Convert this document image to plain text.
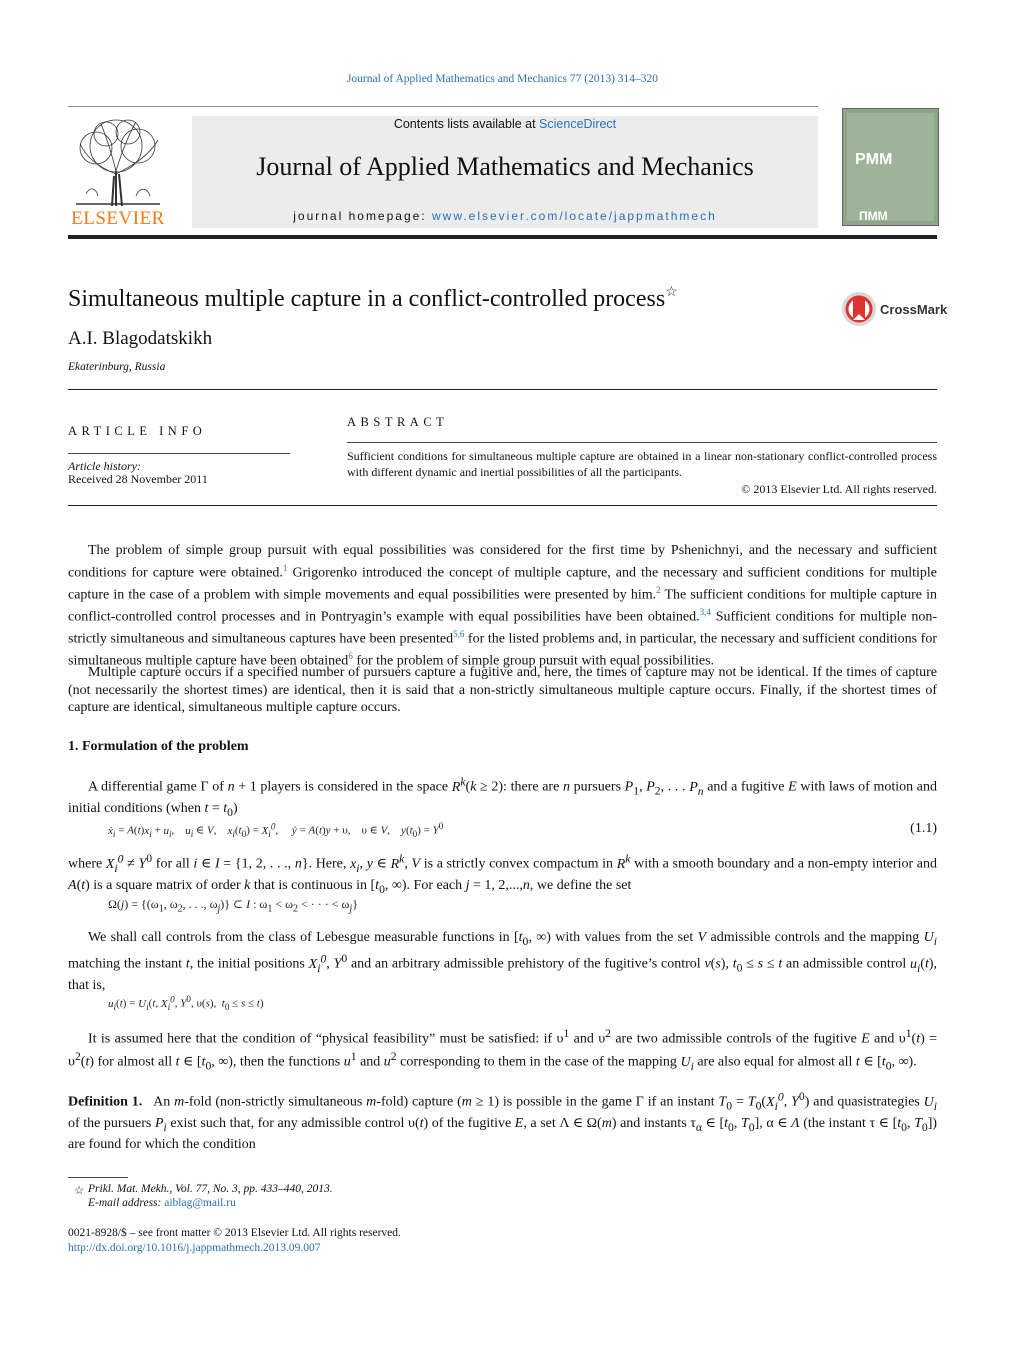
Journal of Applied Mathematics and Mechanics 77 (2013) 314–320
ELSEVIER
Contents lists available at ScienceDirect
Journal of Applied Mathematics and Mechanics
journal homepage: www.elsevier.com/locate/jappmathmech
PMM
ПММ
Simultaneous multiple capture in a conflict-controlled process☆
CrossMark
A.I. Blagodatskikh
Ekaterinburg, Russia
ARTICLE INFO
Article history:
Received 28 November 2011
ABSTRACT
Sufficient conditions for simultaneous multiple capture are obtained in a linear non-stationary conflict-controlled process with different dynamic and inertial possibilities of all the participants.
© 2013 Elsevier Ltd. All rights reserved.
The problem of simple group pursuit with equal possibilities was considered for the first time by Pshenichnyi, and the necessary and sufficient conditions for capture were obtained.$^1$ Grigorenko introduced the concept of multiple capture, and the necessary and sufficient conditions for multiple capture in the case of a problem with simple movements and equal possibilities were presented by him.$^2$ The sufficient conditions for multiple capture in conflict-controlled control processes and in Pontryagin’s example with equal possibilities have been obtained.$^{3,4}$ Sufficient conditions for multiple non-strictly simultaneous and simultaneous captures have been presented$^{5,6}$ for the listed problems and, in particular, the necessary and sufficient conditions for simultaneous multiple capture have been obtained$^6$ for the problem of simple group pursuit with equal possibilities.
Multiple capture occurs if a specified number of pursuers capture a fugitive and, here, the times of capture may not be identical. If the times of capture (not necessarily the shortest times) are identical, then it is said that a non-strictly simultaneous multiple capture occurs. Finally, if the shortest times of capture are identical, simultaneous multiple capture occurs.
1. Formulation of the problem
A differential game Γ of n + 1 players is considered in the space $R^k(k \ge 2)$: there are n pursuers $P_1$, $P_2$, . . . $P_n$ and a fugitive E with laws of motion and initial conditions (when $t = t_0$)
ẋ$_i$ = $A(t)x_i + u_i$,    $u_i$ ∈ V,    $x_i(t_0) = X_i^0$,     ẏ = A(t)y + υ,    υ ∈ V,    $y(t_0) = Y^0$	(1.1)
where $X_i^0 \ne Y^0$ for all i ∈ I = {1, 2, . . ., n}. Here, $x_i$, y ∈ $R^k$, V is a strictly convex compactum in $R^k$ with a smooth boundary and a non-empty interior and A(t) is a square matrix of order k that is continuous in [$t_0$, ∞). For each j = 1, 2,...,n, we define the set
$\Omega(j) = \{(\omega_1$, $\omega_2$, . . ., $\omega_j$)} ⊂ I : $\omega_1 < \omega_2$ < · · · < $\omega_j$}
We shall call controls from the class of Lebesgue measurable functions in [$t_0$, ∞) with values from the set V admissible controls and the mapping $U_i$ matching the instant t, the initial positions $X_i^0$, $Y^0$ and an arbitrary admissible prehistory of the fugitive’s control v(s), $t_0 \le s \le t$ an admissible control $u_i(t)$, that is,
$u_i(t) = U_i(t$, $X_i^0$, $Y^0$, υ(s),  $t_0 \le s \le t$)
It is assumed here that the condition of “physical feasibility” must be satisfied: if $\upsilon^1$ and $\upsilon^2$ are two admissible controls of the fugitive E and $\upsilon^1(t) = \upsilon^2(t)$ for almost all t ∈ [$t_0$, ∞), then the functions $u^1$ and $u^2$ corresponding to them in the case of the mapping $U_i$ are also equal for almost all t ∈ [$t_0$, ∞).
Definition 1.   An m-fold (non-strictly simultaneous m-fold) capture (m ≥ 1) is possible in the game Γ if an instant $T_0 = T_0(X_i^0$, $Y^0$) and quasistrategies $U_i$ of the pursuers $P_i$ exist such that, for any admissible control υ(t) of the fugitive E, a set Λ ∈ Ω(m) and instants $\tau_\alpha$ ∈ [$t_0$, $T_0$], α ∈ Λ (the instant τ ∈ [$t_0$, $T_0$]) are found for which the condition
☆ Prikl. Mat. Mekh., Vol. 77, No. 3, pp. 433–440, 2013.
E-mail address: aiblag@mail.ru
0021-8928/$ – see front matter © 2013 Elsevier Ltd. All rights reserved.
http://dx.doi.org/10.1016/j.jappmathmech.2013.09.007
